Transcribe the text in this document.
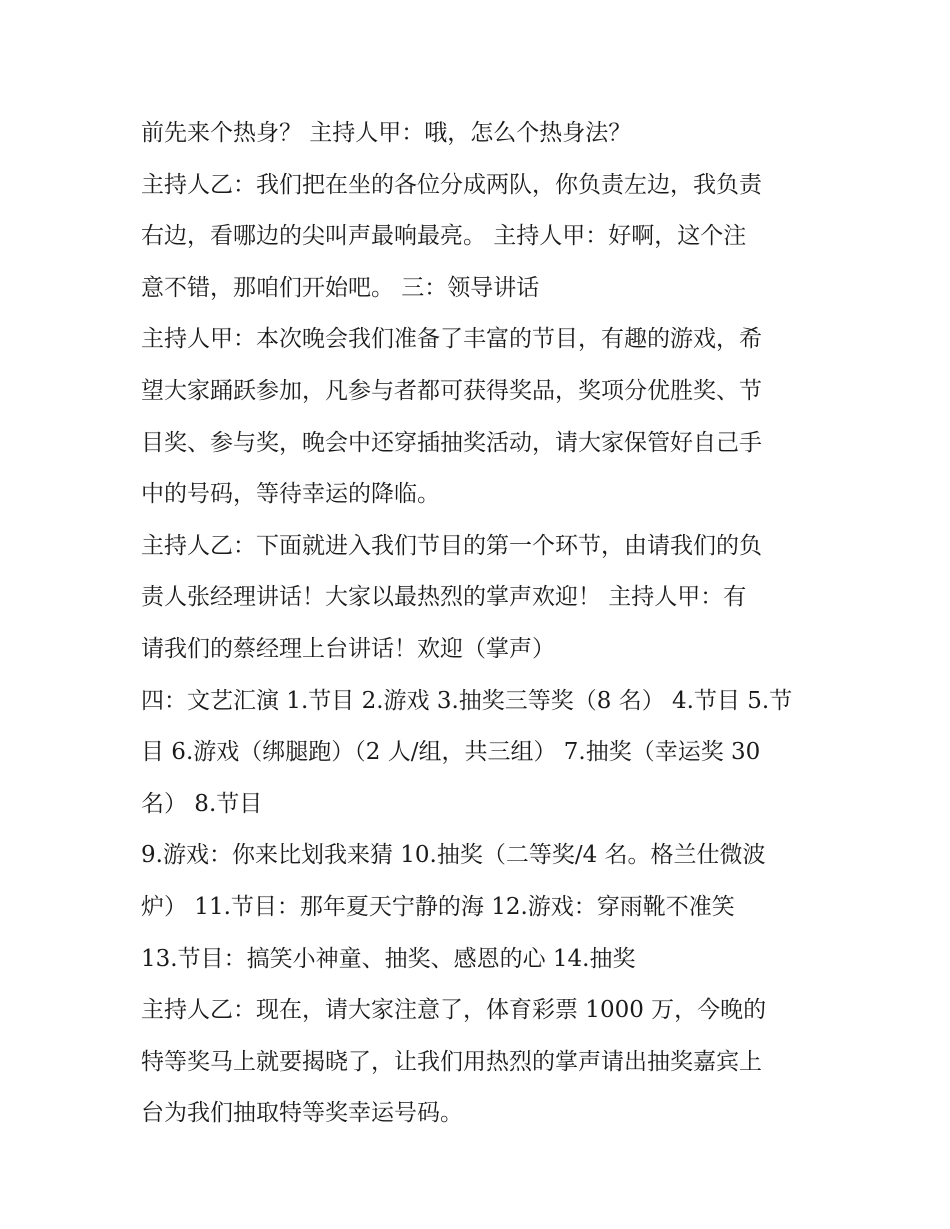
前先来个热身？ 主持人甲：哦，怎么个热身法？
主持人乙：我们把在坐的各位分成两队，你负责左边，我负责
右边，看哪边的尖叫声最响最亮。 主持人甲：好啊，这个注
意不错，那咱们开始吧。 三：领导讲话
主持人甲：本次晚会我们准备了丰富的节目，有趣的游戏，希
望大家踊跃参加，凡参与者都可获得奖品，奖项分优胜奖、节
目奖、参与奖，晚会中还穿插抽奖活动，请大家保管好自己手
中的号码，等待幸运的降临。
主持人乙：下面就进入我们节目的第一个环节，由请我们的负
责人张经理讲话！大家以最热烈的掌声欢迎！ 主持人甲：有
请我们的蔡经理上台讲话！欢迎（掌声）
四：文艺汇演 1.节目 2.游戏 3.抽奖三等奖（8 名） 4.节目 5.节
目 6.游戏（绑腿跑）（2 人/组，共三组） 7.抽奖（幸运奖 30
名） 8.节目
9.游戏：你来比划我来猜 10.抽奖（二等奖/4 名。格兰仕微波
炉） 11.节目：那年夏天宁静的海 12.游戏：穿雨靴不准笑
13.节目：搞笑小神童、抽奖、感恩的心 14.抽奖
主持人乙：现在，请大家注意了，体育彩票 1000 万，今晚的
特等奖马上就要揭晓了，让我们用热烈的掌声请出抽奖嘉宾上
台为我们抽取特等奖幸运号码。
